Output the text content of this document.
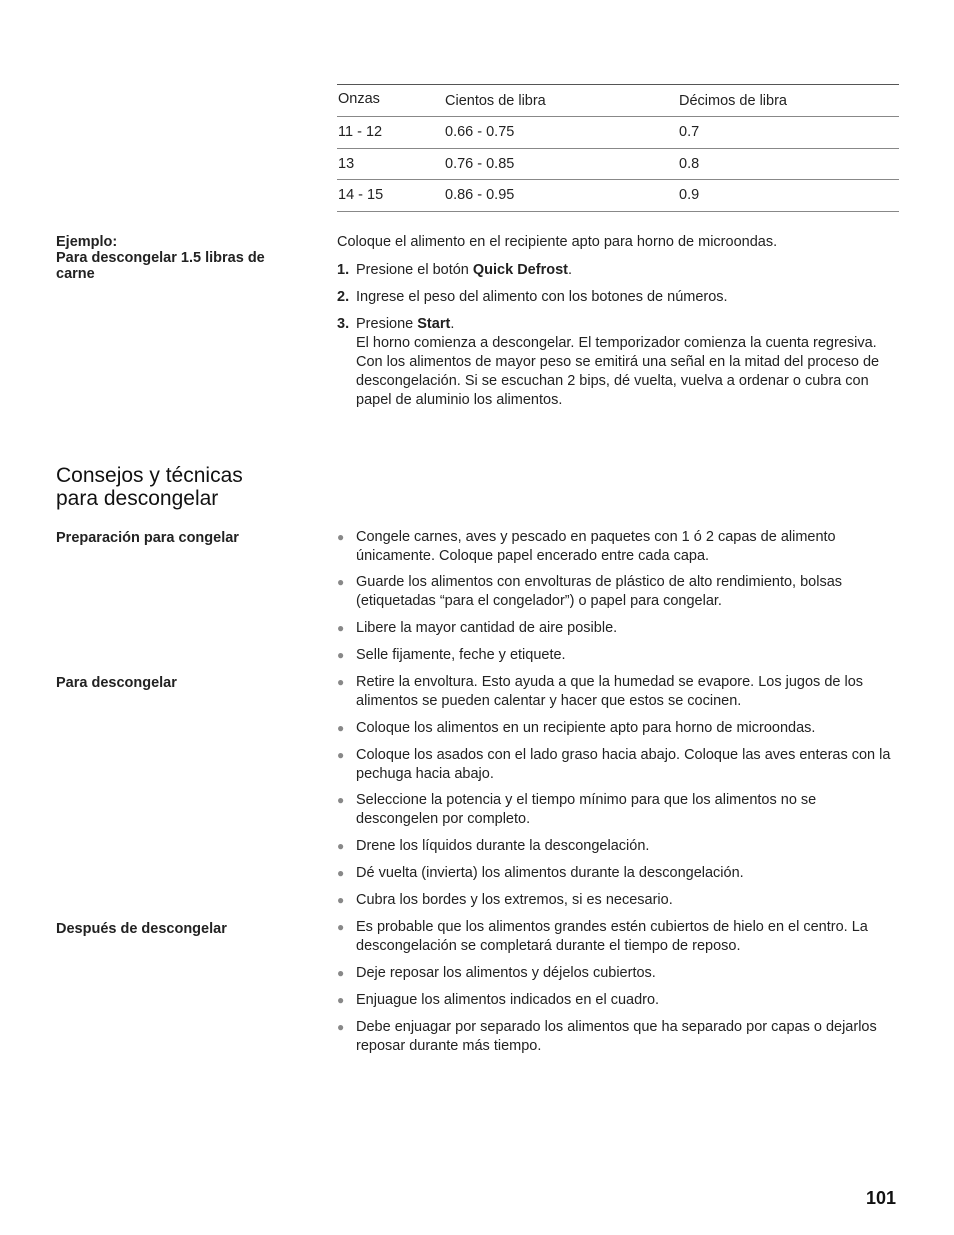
Onzas	Cientos de libra	Décimos de libra
11 - 12	0.66 - 0.75	0.7
13	0.76 - 0.85	0.8
14 - 15	0.86 - 0.95	0.9
Ejemplo:
Para descongelar 1.5 libras de carne
Coloque el alimento en el recipiente apto para horno de microondas.
1. Presione el botón Quick Defrost.
2. Ingrese el peso del alimento con los botones de números.
3. Presione Start.
El horno comienza a descongelar. El temporizador comienza la cuenta regresiva. Con los alimentos de mayor peso se emitirá una señal en la mitad del proceso de descongelación. Si se escuchan 2 bips, dé vuelta, vuelva a ordenar o cubra con papel de aluminio los alimentos.
Consejos y técnicas
para descongelar
Preparación para congelar	● Congele carnes, aves y pescado en paquetes con 1 ó 2 capas de alimento únicamente. Coloque papel encerado entre cada capa.
● Guarde los alimentos con envolturas de plástico de alto rendimiento, bolsas (etiquetadas “para el congelador”) o papel para congelar.
● Libere la mayor cantidad de aire posible.
● Selle fijamente, feche y etiquete.
Para descongelar	● Retire la envoltura. Esto ayuda a que la humedad se evapore. Los jugos de los alimentos se pueden calentar y hacer que estos se cocinen.
● Coloque los alimentos en un recipiente apto para horno de microondas.
● Coloque los asados con el lado graso hacia abajo. Coloque las aves enteras con la pechuga hacia abajo.
● Seleccione la potencia y el tiempo mínimo para que los alimentos no se descongelen por completo.
● Drene los líquidos durante la descongelación.
● Dé vuelta (invierta) los alimentos durante la descongelación.
● Cubra los bordes y los extremos, si es necesario.
Después de descongelar	● Es probable que los alimentos grandes estén cubiertos de hielo en el centro. La descongelación se completará durante el tiempo de reposo.
● Deje reposar los alimentos y déjelos cubiertos.
● Enjuague los alimentos indicados en el cuadro.
● Debe enjuagar por separado los alimentos que ha separado por capas o dejarlos reposar durante más tiempo.
101
